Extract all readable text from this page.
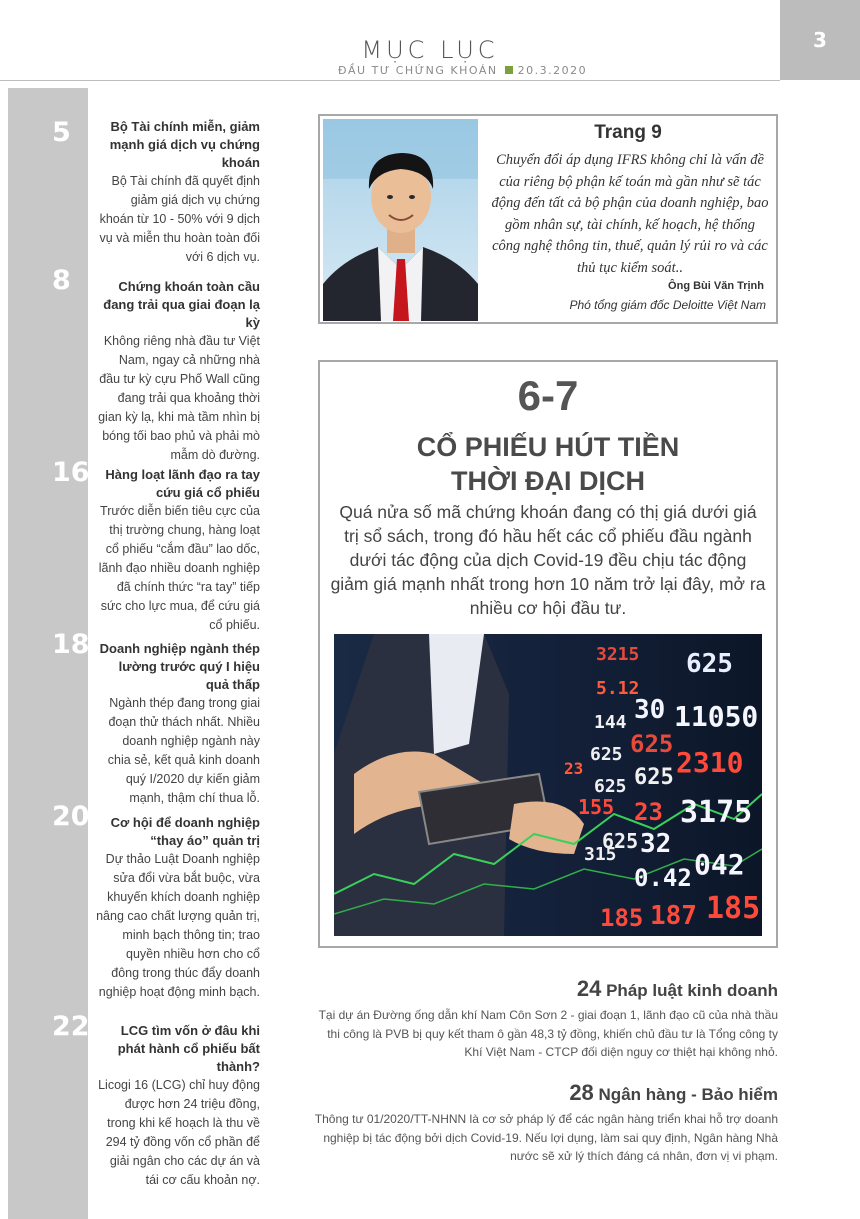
MỤC LỤC
ĐẦU TƯ CHỨNG KHOÁN 20.3.2020
3
5	Bộ Tài chính miễn, giảm mạnh giá dịch vụ chứng khoán
Bộ Tài chính đã quyết định giảm giá dịch vụ chứng khoán từ 10 - 50% với 9 dịch vụ và miễn thu hoàn toàn đối với 6 dịch vụ.
8	Chứng khoán toàn cầu đang trải qua giai đoạn lạ kỳ
Không riêng nhà đầu tư Việt Nam, ngay cả những nhà đầu tư kỳ cựu Phố Wall cũng đang trải qua khoảng thời gian kỳ lạ, khi mà tầm nhìn bị bóng tối bao phủ và phải mò mẫm dò đường.
16	Hàng loạt lãnh đạo ra tay cứu giá cổ phiếu
Trước diễn biến tiêu cực của thị trường chung, hàng loạt cổ phiếu “cắm đầu” lao dốc, lãnh đạo nhiều doanh nghiệp đã chính thức “ra tay” tiếp sức cho lực mua, để cứu giá cổ phiếu.
18 Doanh nghiệp ngành thép lường trước quý I hiệu quả thấp
Ngành thép đang trong giai đoạn thử thách nhất. Nhiều doanh nghiệp ngành này chia sẻ, kết quả kinh doanh quý I/2020 dự kiến giảm mạnh, thậm chí thua lỗ.
20	Cơ hội để doanh nghiệp “thay áo” quản trị
Dự thảo Luật Doanh nghiệp sửa đổi vừa bắt buộc, vừa khuyến khích doanh nghiệp nâng cao chất lượng quản trị, minh bạch thông tin; trao quyền nhiều hơn cho cổ đông trong thúc đẩy doanh nghiệp hoạt động minh bạch.
22	LCG tìm vốn ở đâu khi phát hành cổ phiếu bất thành?
Licogi 16 (LCG) chỉ huy động được hơn 24 triệu đồng, trong khi kế hoạch là thu về 294 tỷ đồng vốn cổ phần để giải ngân cho các dự án và tái cơ cấu khoản nợ.
Trang 9
Chuyển đổi áp dụng IFRS không chỉ là vấn đề của riêng bộ phận kế toán mà gần như sẽ tác động đến tất cả bộ phận của doanh nghiệp, bao gồm nhân sự, tài chính, kế hoạch, hệ thống công nghệ thông tin, thuế, quản lý rủi ro và các thủ tục kiểm soát..
Ông Bùi Văn Trịnh
Phó tổng giám đốc Deloitte Việt Nam
6-7
CỔ PHIẾU HÚT TIỀN
THỜI ĐẠI DỊCH
Quá nửa số mã chứng khoán đang có thị giá dưới giá trị sổ sách, trong đó hầu hết các cổ phiếu đầu ngành dưới tác động của dịch Covid-19 đều chịu tác động giảm giá mạnh nhất trong hơn 10 năm trở lại đây, mở ra nhiều cơ hội đầu tư.
3215 625
5.12
30 11050
144
625
625
23 625 2310
625
155 23
625
3175
32
315
0.42 042
185 187 185
24 Pháp luật kinh doanh
Tại dự án Đường ống dẫn khí Nam Côn Sơn 2 - giai đoạn 1, lãnh đạo cũ của nhà thầu thi công là PVB bị quy kết tham ô gần 48,3 tỷ đồng, khiến chủ đầu tư là Tổng công ty Khí Việt Nam - CTCP đối diện nguy cơ thiệt hại không nhỏ.
28 Ngân hàng - Bảo hiểm
Thông tư 01/2020/TT-NHNN là cơ sở pháp lý để các ngân hàng triển khai hỗ trợ doanh nghiệp bị tác động bởi dịch Covid-19. Nếu lợi dụng, làm sai quy định, Ngân hàng Nhà nước sẽ xử lý thích đáng cá nhân, đơn vị vi phạm.
